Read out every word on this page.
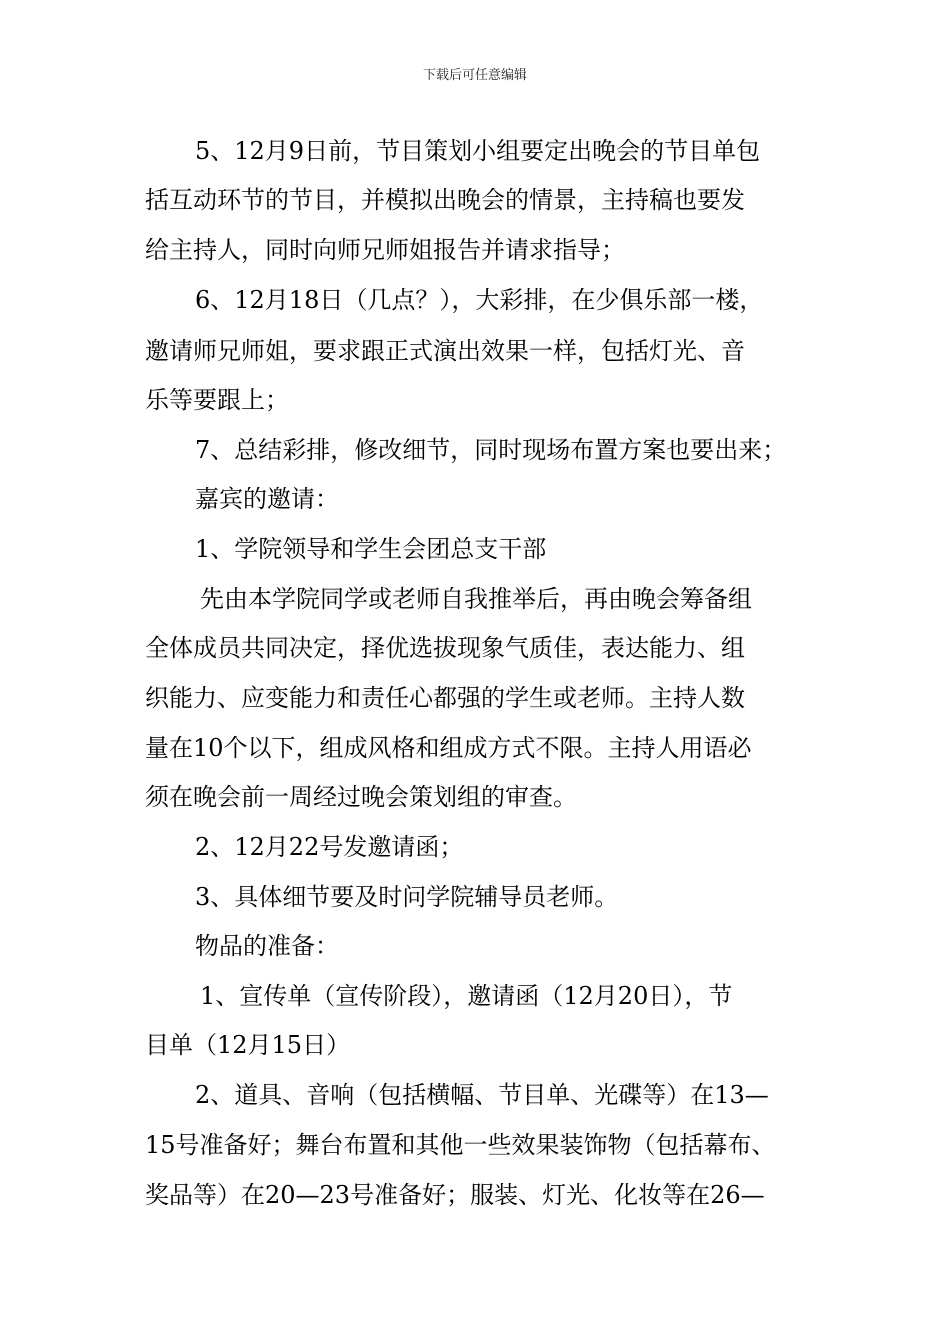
下载后可任意编辑
5、12月9日前，节目策划小组要定出晚会的节目单包
括互动环节的节目，并模拟出晚会的情景，主持稿也要发
给主持人，同时向师兄师姐报告并请求指导；
6、12月18日（几点？），大彩排，在少俱乐部一楼，
邀请师兄师姐，要求跟正式演出效果一样，包括灯光、音
乐等要跟上；
7、总结彩排，修改细节，同时现场布置方案也要出来；
嘉宾的邀请：
1、学院领导和学生会团总支干部
先由本学院同学或老师自我推举后，再由晚会筹备组
全体成员共同决定，择优选拔现象气质佳，表达能力、组
织能力、应变能力和责任心都强的学生或老师。主持人数
量在10个以下，组成风格和组成方式不限。主持人用语必
须在晚会前一周经过晚会策划组的审查。
2、12月22号发邀请函；
3、具体细节要及时问学院辅导员老师。
物品的准备：
1、宣传单（宣传阶段），邀请函（12月20日），节
目单（12月15日）
2、道具、音响（包括横幅、节目单、光碟等）在13—
15号准备好；舞台布置和其他一些效果装饰物（包括幕布、
奖品等）在20—23号准备好；服装、灯光、化妆等在26—
